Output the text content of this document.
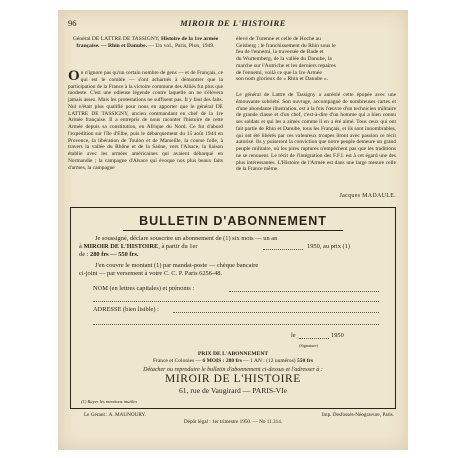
96	MIROIR DE L'HISTOIRE
Général DE LATTRE DE TASSIGNY, Histoire de la 1re armée française. — Rhin et Danube. — Un vol., Paris, Plon, 1949.
élevé de Turenne et celle de Hoche au
Geisberg ; le franchissement du Rhin sous le
feu de l'ennemi, la traversée de Bade et
du Wurtemberg, de la vallée du Danube, la
marche sur l'Autriche et les derniers repaires
de l'ennemi, voilà ce que la 1re Armée
son nom glorieux de « Rhin et Danube ».
O n n'ignore pas qu'un certain nombre de gens — et de Français, ce qui est le comble — s'ont acharnés à démontrer que la participation de la France à la victoire commune des Alliés fut plus que modeste. C'est une odieuse légende contre laquelle on ne s'élèvera jamais assez. Mais les protestations ne suffisent pas. Il y faut des faits. Nul n'était plus qualifié pour nous en apporter que le général DE LATTRE DE TASSIGNY, ancien commandant en chef de la 1re Armée française. Il a entrepris de nous raconter l'histoire de cette Armée depuis sa constitution, en Afrique du Nord. Ce fut d'abord l'expédition sur l'île d'Elbe, puis le débarquement du 15 août 1944 en Provence, la libération de Toulon et de Marseille, la course folle, à travers la vallée du Rhône et de la Saône, vers l'Alsace, la liaison établie avec les armées américaines qui avaient débarqué en Normandie ; la campagne d'Alsace qui évoque nos plus beaux faits d'armes, la campagne
Le général de Lattre de Tassigny a auréolé cette épopée avec une émouvante sobriété. Son ouvrage, accompagné de nombreuses cartes et d'une abondante illustration, est à la fois l'œuvre d'un technicien militaire de grande classe et d'un chef, c'est-à-dire d'un homme qui a bien connu ses soldats et qui les a aimés comme il en a été aimé. Tous ceux qui ont fait partie de Rhin et Danube, tous les Français, et ils sont innombrables, qui ont été libérés par ces valeureux troupes liront avec passion ce récit autorisé. Ils y puiseront la conviction que notre peuple demeure un grand peuple militaire, où les pires ruptures n'empêchent pas que les traditions ne se renouent. Le récit de l'intégration des F.F.I. est à cet égard une des plus intéressantes. L'Histoire de l'Armée est dans une large mesure celle de la France même.
Jacques MADAULE.
BULLETIN D'ABONNEMENT
Je soussigné, déclare souscrire un abonnement de (1) six mois — un an
à MIROIR DE L'HISTOIRE, à partir du 1er	1950, au prix (1)
de : 280 frs — 550 frs.
J'en couvre le montant (1) par mandat-poste — chèque bancaire
ci-joint — par versement à votre C. C. P. Paris 6256-48.
NOM (en lettres capitales) et prénoms :
ADRESSE (bien lisible) :
le	1950
(Signature)
PRIX DE L'ABONNEMENT
France et Colonies — 6 MOIS : 280 frs — 1 AN : (12 numéros) 550 frs
Détacher ou reproduire le bulletin d'abonnement ci-dessus et l'adresser à :
MIROIR DE L'HISTOIRE
61, rue de Vaugirard — PARIS-VIe
(1) Rayer les mentions inutiles
Le Gérant : A. MAUNOURY.	Imp. Desfossés-Néogravure, Paris.
Dépôt légal : 1er trimestre 1950. — No 11.314.
